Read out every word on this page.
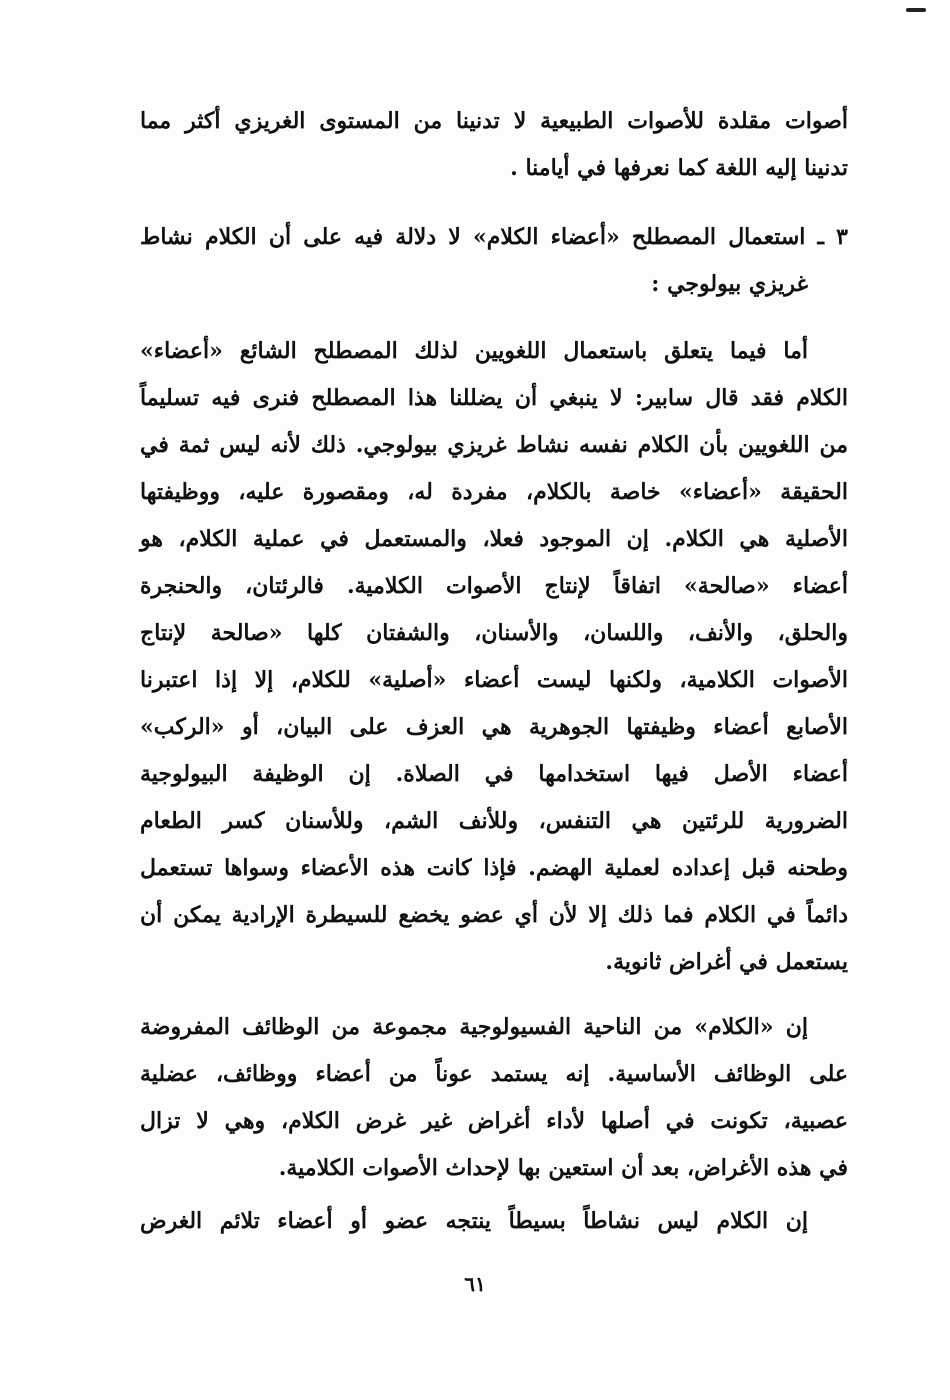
أصوات مقلدة للأصوات الطبيعية لا تدنينا من المستوى الغريزي أكثر مما
تدنينا إليه اللغة كما نعرفها في أيامنا .

٣ ـ استعمال المصطلح «أعضاء الكلام» لا دلالة فيه على أن الكلام نشاط
غريزي بيولوجي :

أما فيما يتعلق باستعمال اللغويين لذلك المصطلح الشائع «أعضاء»
الكلام فقد قال سابير: لا ينبغي أن يضللنا هذا المصطلح فنرى فيه تسليماً
من اللغويين بأن الكلام نفسه نشاط غريزي بيولوجي. ذلك لأنه ليس ثمة في
الحقيقة «أعضاء» خاصة بالكلام، مفردة له، ومقصورة عليه، ووظيفتها
الأصلية هي الكلام. إن الموجود فعلا، والمستعمل في عملية الكلام، هو
أعضاء «صالحة» اتفاقاً لإنتاج الأصوات الكلامية. فالرئتان، والحنجرة
والحلق، والأنف، واللسان، والأسنان، والشفتان كلها «صالحة لإنتاج
الأصوات الكلامية، ولكنها ليست أعضاء «أصلية» للكلام، إلا إذا اعتبرنا
الأصابع أعضاء وظيفتها الجوهرية هي العزف على البيان، أو «الركب»
أعضاء الأصل فيها استخدامها في الصلاة. إن الوظيفة البيولوجية
الضرورية للرئتين هي التنفس، وللأنف الشم، وللأسنان كسر الطعام
وطحنه قبل إعداده لعملية الهضم. فإذا كانت هذه الأعضاء وسواها تستعمل
دائماً في الكلام فما ذلك إلا لأن أي عضو يخضع للسيطرة الإرادية يمكن أن
يستعمل في أغراض ثانوية.

إن «الكلام» من الناحية الفسيولوجية مجموعة من الوظائف المفروضة
على الوظائف الأساسية. إنه يستمد عوناً من أعضاء ووظائف، عضلية
عصبية، تكونت في أصلها لأداء أغراض غير غرض الكلام، وهي لا تزال
في هذه الأغراض، بعد أن استعين بها لإحداث الأصوات الكلامية.

إن الكلام ليس نشاطاً بسيطاً ينتجه عضو أو أعضاء تلائم الغرض

٦١
